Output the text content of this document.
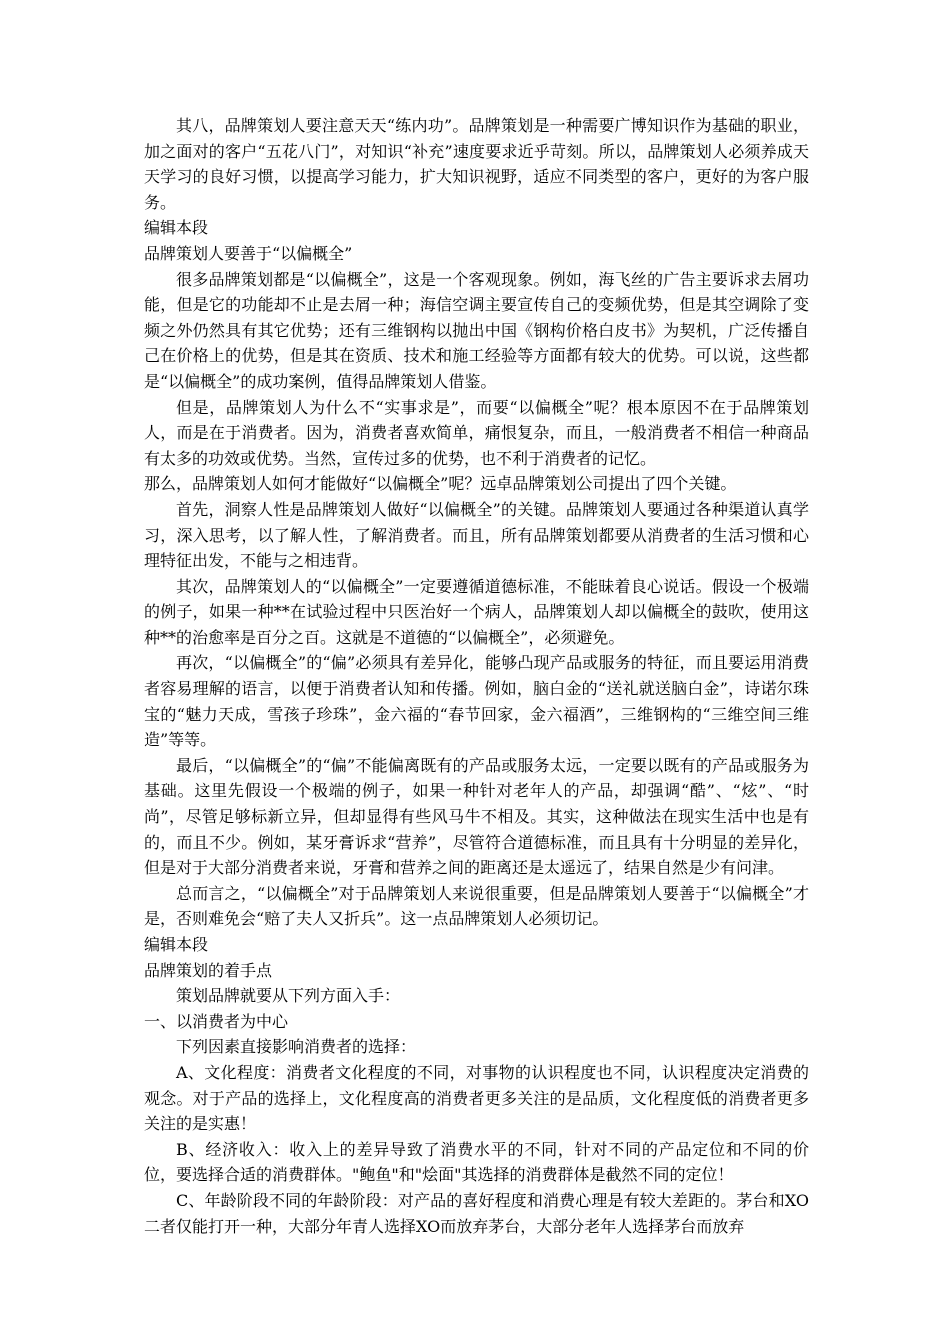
其八，品牌策划人要注意天天“练内功”。品牌策划是一种需要广博知识作为基础的职业，加之面对的客户“五花八门”，对知识“补充”速度要求近乎苛刻。所以，品牌策划人必须养成天天学习的良好习惯，以提高学习能力，扩大知识视野，适应不同类型的客户，更好的为客户服务。

编辑本段

品牌策划人要善于“以偏概全”

很多品牌策划都是“以偏概全”，这是一个客观现象。例如，海飞丝的广告主要诉求去屑功能，但是它的功能却不止是去屑一种；海信空调主要宣传自己的变频优势，但是其空调除了变频之外仍然具有其它优势；还有三维钢构以抛出中国《钢构价格白皮书》为契机，广泛传播自己在价格上的优势，但是其在资质、技术和施工经验等方面都有较大的优势。可以说，这些都是“以偏概全”的成功案例，值得品牌策划人借鉴。

但是，品牌策划人为什么不“实事求是”，而要“以偏概全”呢？根本原因不在于品牌策划人，而是在于消费者。因为，消费者喜欢简单，痛恨复杂，而且，一般消费者不相信一种商品有太多的功效或优势。当然，宣传过多的优势，也不利于消费者的记忆。

那么，品牌策划人如何才能做好“以偏概全”呢？远卓品牌策划公司提出了四个关键。

首先，洞察人性是品牌策划人做好“以偏概全”的关键。品牌策划人要通过各种渠道认真学习，深入思考，以了解人性，了解消费者。而且，所有品牌策划都要从消费者的生活习惯和心理特征出发，不能与之相违背。

其次，品牌策划人的“以偏概全”一定要遵循道德标准，不能昧着良心说话。假设一个极端的例子，如果一种**在试验过程中只医治好一个病人，品牌策划人却以偏概全的鼓吹，使用这种**的治愈率是百分之百。这就是不道德的“以偏概全”，必须避免。

再次，“以偏概全”的“偏”必须具有差异化，能够凸现产品或服务的特征，而且要运用消费者容易理解的语言，以便于消费者认知和传播。例如，脑白金的“送礼就送脑白金”，诗诺尔珠宝的“魅力天成，雪孩子珍珠”，金六福的“春节回家，金六福酒”，三维钢构的“三维空间三维造”等等。

最后，“以偏概全”的“偏”不能偏离既有的产品或服务太远，一定要以既有的产品或服务为基础。这里先假设一个极端的例子，如果一种针对老年人的产品，却强调“酷”、“炫”、“时尚”，尽管足够标新立异，但却显得有些风马牛不相及。其实，这种做法在现实生活中也是有的，而且不少。例如，某牙膏诉求“营养”，尽管符合道德标准，而且具有十分明显的差异化，但是对于大部分消费者来说，牙膏和营养之间的距离还是太遥远了，结果自然是少有问津。

总而言之，“以偏概全”对于品牌策划人来说很重要，但是品牌策划人要善于“以偏概全”才是，否则难免会“赔了夫人又折兵”。这一点品牌策划人必须切记。

编辑本段

品牌策划的着手点

策划品牌就要从下列方面入手：

一、以消费者为中心

下列因素直接影响消费者的选择：

A、文化程度：消费者文化程度的不同，对事物的认识程度也不同，认识程度决定消费的观念。对于产品的选择上，文化程度高的消费者更多关注的是品质，文化程度低的消费者更多关注的是实惠！

B、经济收入：收入上的差异导致了消费水平的不同，针对不同的产品定位和不同的价位，要选择合适的消费群体。"鲍鱼"和"烩面"其选择的消费群体是截然不同的定位！

C、年龄阶段不同的年龄阶段：对产品的喜好程度和消费心理是有较大差距的。茅台和XO二者仅能打开一种，大部分年青人选择XO而放弃茅台，大部分老年人选择茅台而放弃
